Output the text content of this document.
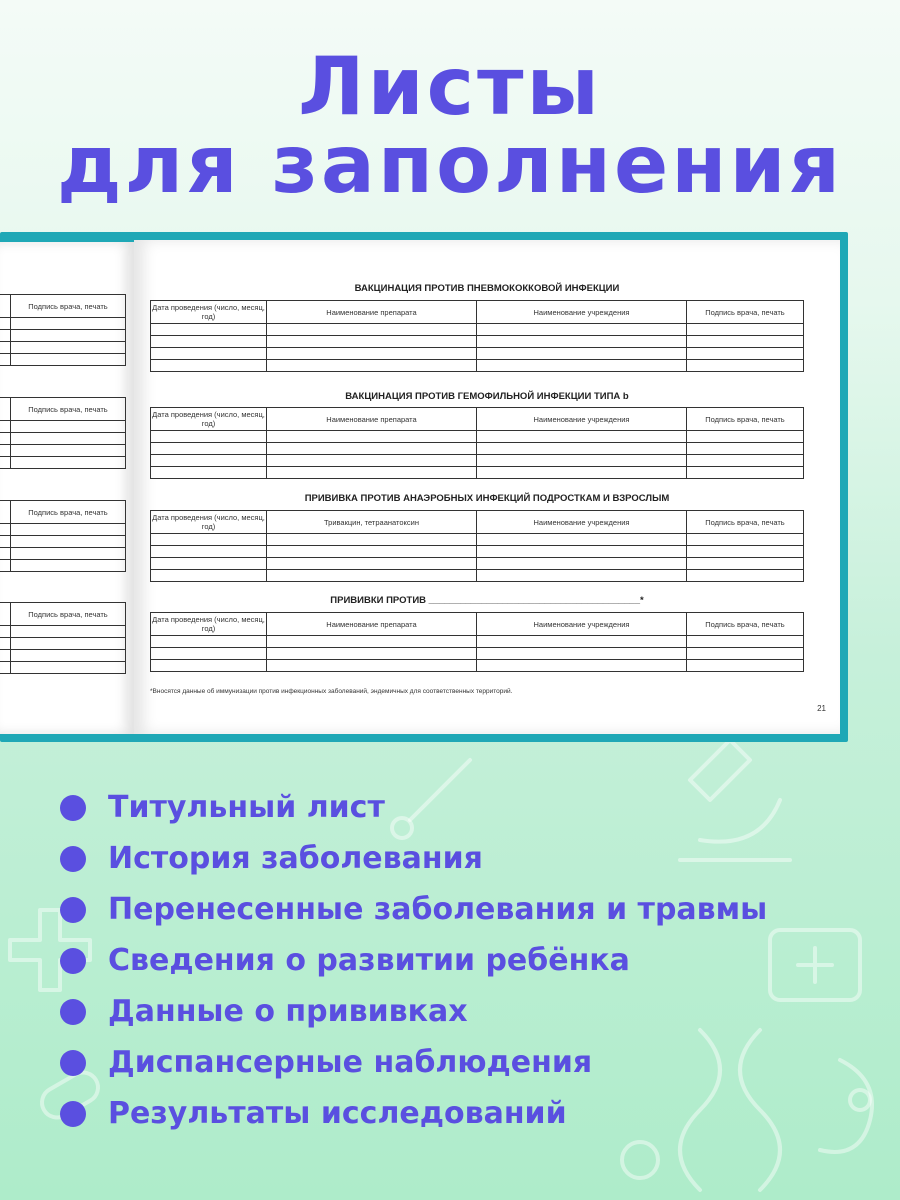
Листы
для заполнения
	Подпись врача, печать

	Подпись врача, печать

	Подпись врача, печать

	Подпись врача, печать

ВАКЦИНАЦИЯ ПРОТИВ ПНЕВМОКОККОВОЙ ИНФЕКЦИИ
Дата проведения (число, месяц, год)	Наименование препарата	Наименование учреждения	Подпись врача, печать

ВАКЦИНАЦИЯ ПРОТИВ ГЕМОФИЛЬНОЙ ИНФЕКЦИИ ТИПА b
Дата проведения (число, месяц, год)	Наименование препарата	Наименование учреждения	Подпись врача, печать

ПРИВИВКА ПРОТИВ АНАЭРОБНЫХ ИНФЕКЦИЙ ПОДРОСТКАМ И ВЗРОСЛЫМ
Дата проведения (число, месяц, год)	Тривакцин, тетраанатоксин	Наименование учреждения	Подпись врача, печать

ПРИВИВКИ ПРОТИВ ________________________________________*
Дата проведения (число, месяц, год)	Наименование препарата	Наименование учреждения	Подпись врача, печать

*Вносятся данные об иммунизации против инфекционных заболеваний, эндемичных для соответственных территорий.
21
Титульный лист
История заболевания
Перенесенные заболевания и травмы
Сведения о развитии ребёнка
Данные о прививках
Диспансерные наблюдения
Результаты исследований
